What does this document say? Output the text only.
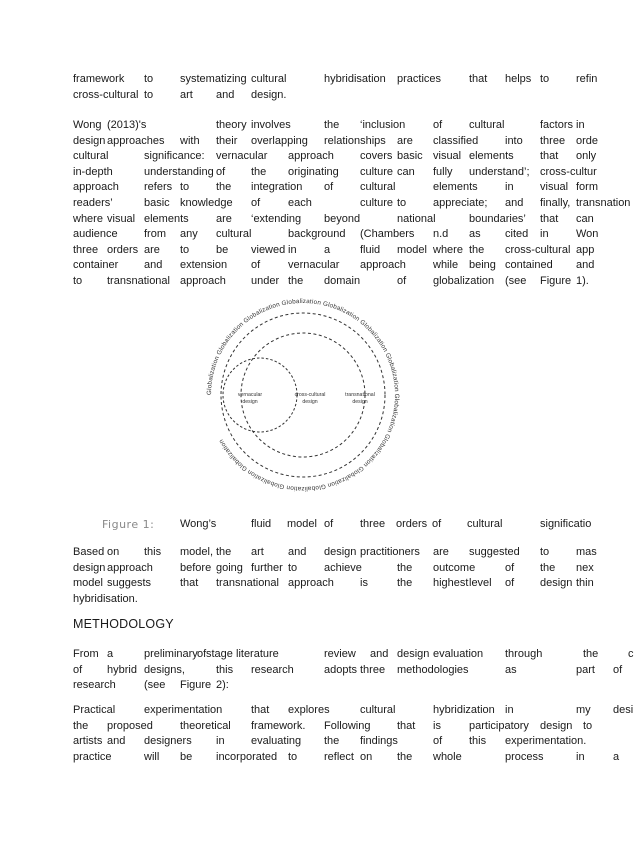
framework to systematizing cultural	hybridisation practices	that helps to refin
cross-cultural to art and design.
Wong (2013)'s	theory involves	the ‘inclusion	of cultural	factors in
design approaches with their overlapping relationships are classified into three orde
cultural	significance: vernacular approach covers basic visual elements that only
in-depth	understanding of the originating culture can fully understand’; cross-cultur
approach refers to the integration of cultural	elements in visual form
readers’	basic knowledge of	each	culture to appreciate; and finally, transnation
where visual elements are ‘extending beyond	national	boundaries’ that can
audience from any cultural	background (Chambers n.d as cited in Won
three orders are to be viewed in a	fluid model where the cross-cultural app
container and extension of	vernacular approach while being contained and
to transnational approach under the domain	of globalization (see Figure 1).
Globalization Globalization Globalization Globalization Globalization Globalization Globalization Globalization Globalization Globalization Globalization Globalization Globalization
vernacular
design
cross-cultural
design
transnational
design
Figure 1: Wong’s	fluid model of three orders of cultural	significatio
Based on this model, the art and design practitioners are suggested to mas
design approach before going further to achieve	the outcome	of the nex
model suggests	that transnational approach is	the highest level of design thin
hybridisation.
METHODOLOGY
From a	preliminary stage
of	literature	review and design evaluation through	the	c
of hybrid designs,	this research	adopts three methodologies	as	part of
research	(see Figure 2):
Practical	experimentation	that explores	cultural	hybridization in	my desi
the proposed theoretical framework. Following that is	participatory design to
artists and designers in evaluating the findings	of this experimentation.
practice	will be incorporated to reflect on the whole	process	in	a
